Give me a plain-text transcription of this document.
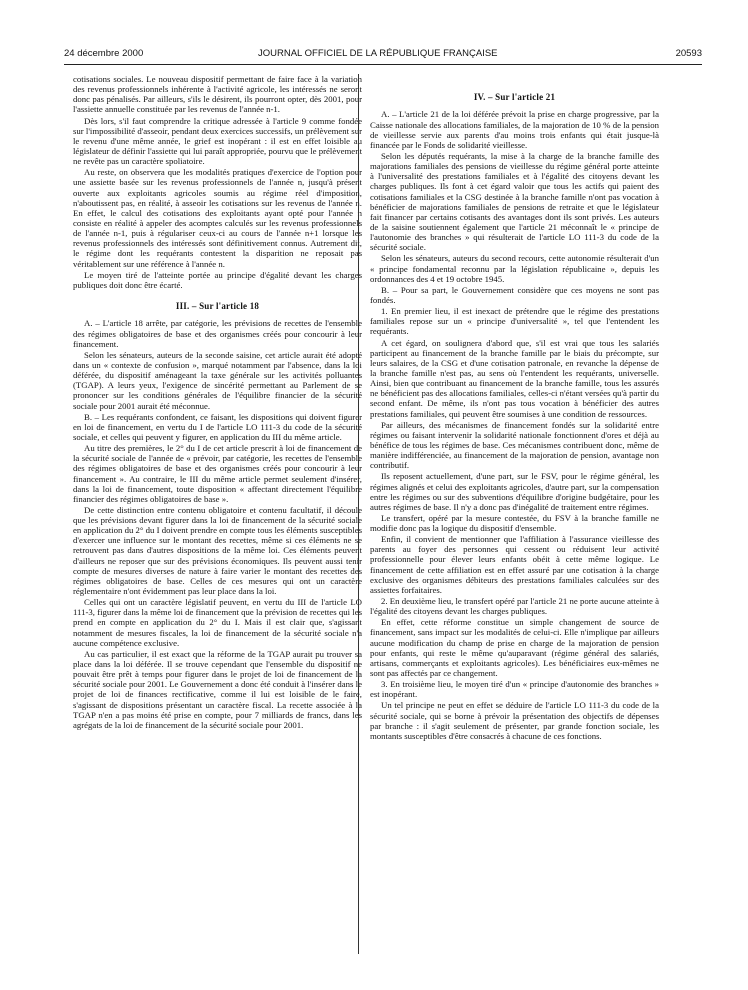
24 décembre 2000	JOURNAL OFFICIEL DE LA RÉPUBLIQUE FRANÇAISE	20593

cotisations sociales. Le nouveau dispositif permettant de faire face à la variation des revenus professionnels inhérente à l'activité agricole, les intéressés ne seront donc pas pénalisés. Par ailleurs, s'ils le désirent, ils pourront opter, dès 2001, pour l'assiette annuelle constituée par les revenus de l'année n-1.

Dès lors, s'il faut comprendre la critique adressée à l'article 9 comme fondée sur l'impossibilité d'asseoir, pendant deux exercices successifs, un prélèvement sur le revenu d'une même année, le grief est inopérant : il est en effet loisible au législateur de définir l'assiette qui lui paraît appropriée, pourvu que le prélèvement ne revête pas un caractère spoliatoire.

Au reste, on observera que les modalités pratiques d'exercice de l'option pour une assiette basée sur les revenus professionnels de l'année n, jusqu'à présent ouverte aux exploitants agricoles soumis au régime réel d'imposition, n'aboutissent pas, en réalité, à asseoir les cotisations sur les revenus de l'année n. En effet, le calcul des cotisations des exploitants ayant opté pour l'année n consiste en réalité à appeler des acomptes calculés sur les revenus professionnels de l'année n-1, puis à régulariser ceux-ci au cours de l'année n+1 lorsque les revenus professionnels des intéressés sont définitivement connus. Autrement dit, le régime dont les requérants contestent la disparition ne reposait pas véritablement sur une référence à l'année n.

Le moyen tiré de l'atteinte portée au principe d'égalité devant les charges publiques doit donc être écarté.

III. – Sur l'article 18

A. – L'article 18 arrête, par catégorie, les prévisions de recettes de l'ensemble des régimes obligatoires de base et des organismes créés pour concourir à leur financement.

Selon les sénateurs, auteurs de la seconde saisine, cet article aurait été adopté dans un « contexte de confusion », marqué notamment par l'absence, dans la loi déférée, du dispositif aménageant la taxe générale sur les activités polluantes (TGAP). A leurs yeux, l'exigence de sincérité permettant au Parlement de se prononcer sur les conditions générales de l'équilibre financier de la sécurité sociale pour 2001 aurait été méconnue.

B. – Les requérants confondent, ce faisant, les dispositions qui doivent figurer en loi de financement, en vertu du I de l'article LO 111-3 du code de la sécurité sociale, et celles qui peuvent y figurer, en application du III du même article.

Au titre des premières, le 2° du I de cet article prescrit à loi de financement de la sécurité sociale de l'année de « prévoir, par catégorie, les recettes de l'ensemble des régimes obligatoires de base et des organismes créés pour concourir à leur financement ». Au contraire, le III du même article permet seulement d'insérer, dans la loi de financement, toute disposition « affectant directement l'équilibre financier des régimes obligatoires de base ».

De cette distinction entre contenu obligatoire et contenu facultatif, il découle que les prévisions devant figurer dans la loi de financement de la sécurité sociale en application du 2° du I doivent prendre en compte tous les éléments susceptibles d'exercer une influence sur le montant des recettes, même si ces éléments ne se retrouvent pas dans d'autres dispositions de la même loi. Ces éléments peuvent d'ailleurs ne reposer que sur des prévisions économiques. Ils peuvent aussi tenir compte de mesures diverses de nature à faire varier le montant des recettes des régimes obligatoires de base. Celles de ces mesures qui ont un caractère réglementaire n'ont évidemment pas leur place dans la loi.

Celles qui ont un caractère législatif peuvent, en vertu du III de l'article LO 111-3, figurer dans la même loi de financement que la prévision de recettes qui les prend en compte en application du 2° du I. Mais il est clair que, s'agissant notamment de mesures fiscales, la loi de financement de la sécurité sociale n'a aucune compétence exclusive.

Au cas particulier, il est exact que la réforme de la TGAP aurait pu trouver sa place dans la loi déférée. Il se trouve cependant que l'ensemble du dispositif ne pouvait être prêt à temps pour figurer dans le projet de loi de financement de la sécurité sociale pour 2001. Le Gouvernement a donc été conduit à l'insérer dans le projet de loi de finances rectificative, comme il lui est loisible de le faire, s'agissant de dispositions présentant un caractère fiscal. La recette associée à la TGAP n'en a pas moins été prise en compte, pour 7 milliards de francs, dans les agrégats de la loi de financement de la sécurité sociale pour 2001.

IV. – Sur l'article 21

A. – L'article 21 de la loi déférée prévoit la prise en charge progressive, par la Caisse nationale des allocations familiales, de la majoration de 10 % de la pension de vieillesse servie aux parents d'au moins trois enfants qui était jusque-là financée par le Fonds de solidarité vieillesse.

Selon les députés requérants, la mise à la charge de la branche famille des majorations familiales des pensions de vieillesse du régime général porte atteinte à l'universalité des prestations familiales et à l'égalité des citoyens devant les charges publiques. Ils font à cet égard valoir que tous les actifs qui paient des cotisations familiales et la CSG destinée à la branche famille n'ont pas vocation à bénéficier de majorations familiales de pensions de retraite et que le législateur fait financer par certains cotisants des avantages dont ils sont privés. Les auteurs de la saisine soutiennent également que l'article 21 méconnaît le « principe de l'autonomie des branches » qui résulterait de l'article LO 111-3 du code de la sécurité sociale.

Selon les sénateurs, auteurs du second recours, cette autonomie résulterait d'un « principe fondamental reconnu par la législation républicaine », depuis les ordonnances des 4 et 19 octobre 1945.

B. – Pour sa part, le Gouvernement considère que ces moyens ne sont pas fondés.

1. En premier lieu, il est inexact de prétendre que le régime des prestations familiales repose sur un « principe d'universalité », tel que l'entendent les requérants.

A cet égard, on soulignera d'abord que, s'il est vrai que tous les salariés participent au financement de la branche famille par le biais du précompte, sur leurs salaires, de la CSG et d'une cotisation patronale, en revanche la dépense de la branche famille n'est pas, au sens où l'entendent les requérants, universelle. Ainsi, bien que contribuant au financement de la branche famille, tous les assurés ne bénéficient pas des allocations familiales, celles-ci n'étant versées qu'à partir du second enfant. De même, ils n'ont pas tous vocation à bénéficier des autres prestations familiales, qui peuvent être soumises à une condition de ressources.

Par ailleurs, des mécanismes de financement fondés sur la solidarité entre régimes ou faisant intervenir la solidarité nationale fonctionnent d'ores et déjà au bénéfice de tous les régimes de base. Ces mécanismes contribuent donc, même de manière indifférenciée, au financement de la majoration de pension, avantage non contributif.

Ils reposent actuellement, d'une part, sur le FSV, pour le régime général, les régimes alignés et celui des exploitants agricoles, d'autre part, sur la compensation entre les régimes ou sur des subventions d'équilibre d'origine budgétaire, pour les autres régimes de base. Il n'y a donc pas d'inégalité de traitement entre régimes.

Le transfert, opéré par la mesure contestée, du FSV à la branche famille ne modifie donc pas la logique du dispositif d'ensemble.

Enfin, il convient de mentionner que l'affiliation à l'assurance vieillesse des parents au foyer des personnes qui cessent ou réduisent leur activité professionnelle pour élever leurs enfants obéit à cette même logique. Le financement de cette affiliation est en effet assuré par une cotisation à la charge exclusive des organismes débiteurs des prestations familiales calculées sur des assiettes forfaitaires.

2. En deuxième lieu, le transfert opéré par l'article 21 ne porte aucune atteinte à l'égalité des citoyens devant les charges publiques.

En effet, cette réforme constitue un simple changement de source de financement, sans impact sur les modalités de celui-ci. Elle n'implique par ailleurs aucune modification du champ de prise en charge de la majoration de pension pour enfants, qui reste le même qu'auparavant (régime général des salariés, artisans, commerçants et exploitants agricoles). Les bénéficiaires eux-mêmes ne sont pas affectés par ce changement.

3. En troisième lieu, le moyen tiré d'un « principe d'autonomie des branches » est inopérant.

Un tel principe ne peut en effet se déduire de l'article LO 111-3 du code de la sécurité sociale, qui se borne à prévoir la présentation des objectifs de dépenses par branche : il s'agit seulement de présenter, par grande fonction sociale, les montants susceptibles d'être consacrés à chacune de ces fonctions.
